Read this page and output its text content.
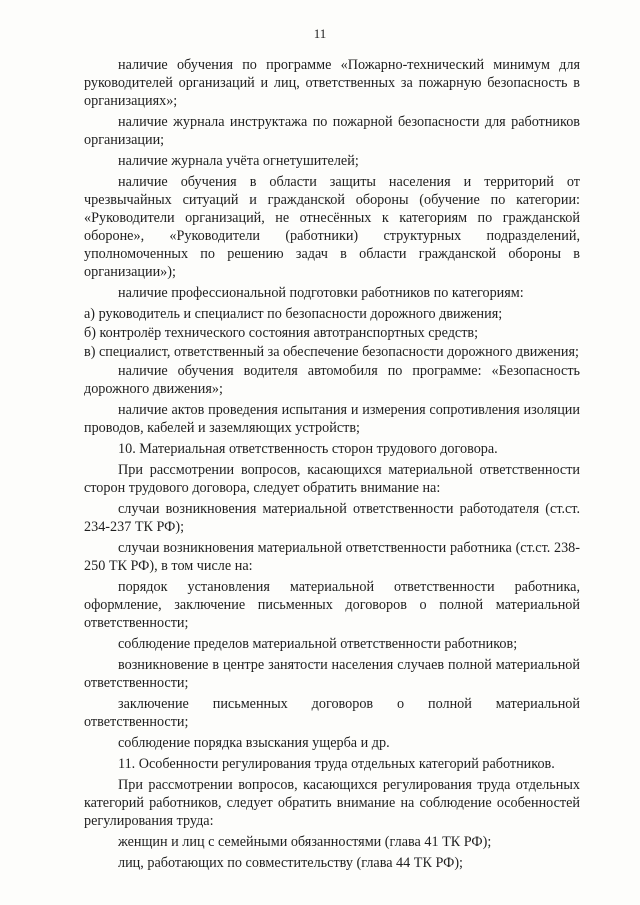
11

наличие обучения по программе «Пожарно-технический минимум для руководителей организаций и лиц, ответственных за пожарную безопасность в организациях»;

наличие журнала инструктажа по пожарной безопасности для работников организации;

наличие журнала учёта огнетушителей;

наличие обучения в области защиты населения и территорий от чрезвычайных ситуаций и гражданской обороны (обучение по категории: «Руководители организаций, не отнесённых к категориям по гражданской обороне», «Руководители (работники) структурных подразделений, уполномоченных по решению задач в области гражданской обороны в организации»);

наличие профессиональной подготовки работников по категориям:

а) руководитель и специалист по безопасности дорожного движения;

б) контролёр технического состояния автотранспортных средств;

в) специалист, ответственный за обеспечение безопасности дорожного движения;

наличие обучения водителя автомобиля по программе: «Безопасность дорожного движения»;

наличие актов проведения испытания и измерения сопротивления изоляции проводов, кабелей и заземляющих устройств;

10. Материальная ответственность сторон трудового договора.

При рассмотрении вопросов, касающихся материальной ответственности сторон трудового договора, следует обратить внимание на:

случаи возникновения материальной ответственности работодателя (ст.ст. 234-237 ТК РФ);

случаи возникновения материальной ответственности работника (ст.ст. 238-250 ТК РФ), в том числе на:

порядок установления материальной ответственности работника, оформление, заключение письменных договоров о полной материальной ответственности;

соблюдение пределов материальной ответственности работников;

возникновение в центре занятости населения случаев полной материальной ответственности;

заключение письменных договоров о полной материальной ответственности;

соблюдение порядка взыскания ущерба и др.

11. Особенности регулирования труда отдельных категорий работников.

При рассмотрении вопросов, касающихся регулирования труда отдельных категорий работников, следует обратить внимание на соблюдение особенностей регулирования труда:

женщин и лиц с семейными обязанностями (глава 41 ТК РФ);

лиц, работающих по совместительству (глава 44 ТК РФ);
